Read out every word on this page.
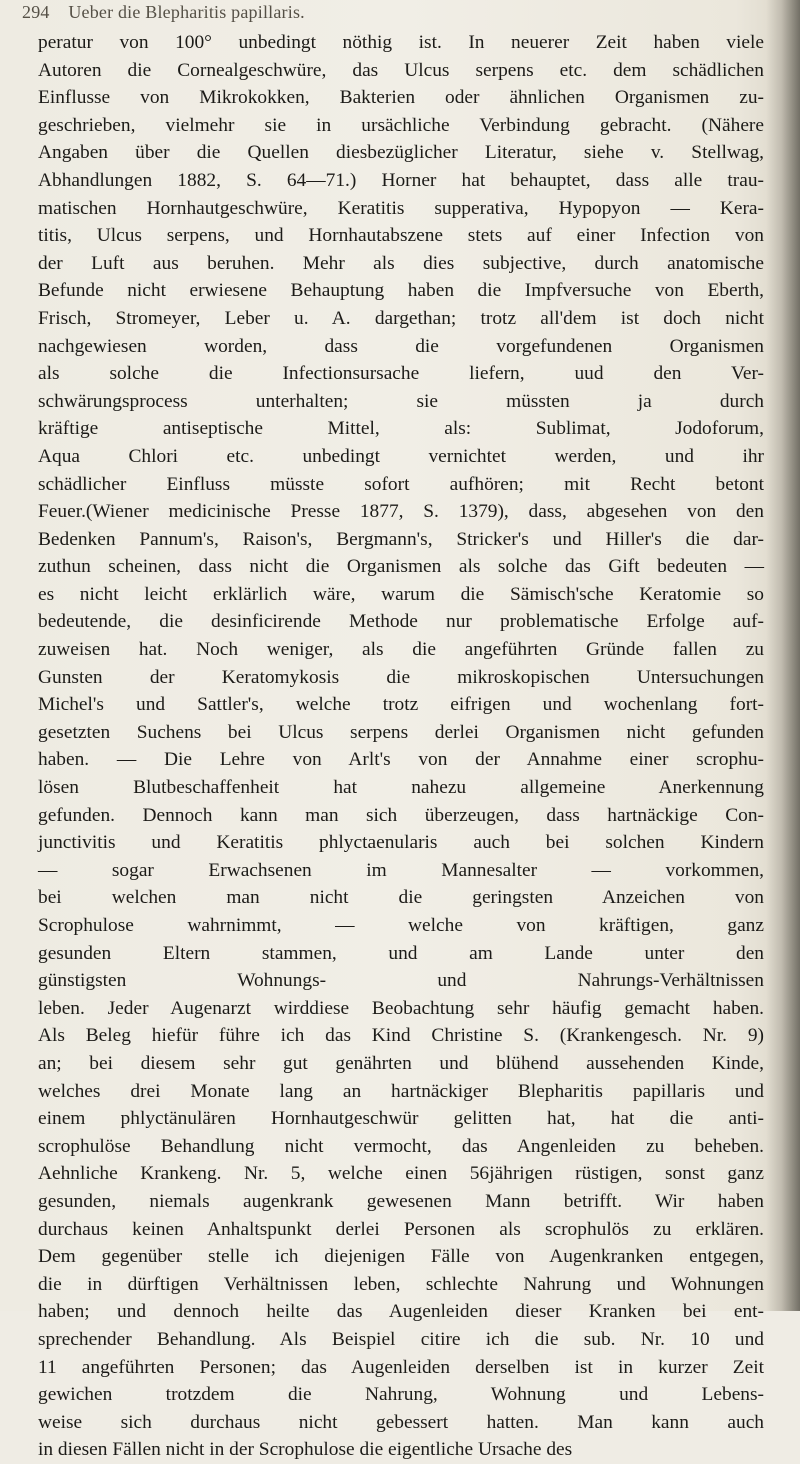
294 Ueber die Blepharitis papillaris.
peratur von 100° unbedingt nöthig ist. In neuerer Zeit haben viele
Autoren die Cornealgeschwüre, das Ulcus serpens etc. dem schädlichen
Einflusse von Mikrokokken, Bakterien oder ähnlichen Organismen zu-
geschrieben, vielmehr sie in ursächliche Verbindung gebracht. (Nähere
Angaben über die Quellen diesbezüglicher Literatur, siehe v. Stellwag,
Abhandlungen 1882, S. 64—71.) Horner hat behauptet, dass alle trau-
matischen Hornhautgeschwüre, Keratitis supperativa, Hypopyon — Kera-
titis, Ulcus serpens, und Hornhautabszene stets auf einer Infection von
der Luft aus beruhen. Mehr als dies subjective, durch anatomische
Befunde nicht erwiesene Behauptung haben die Impfversuche von Eberth,
Frisch, Stromeyer, Leber u. A. dargethan; trotz all'dem ist doch nicht
nachgewiesen worden, dass die vorgefundenen Organismen
als solche die Infectionsursache liefern, uud den Ver-
schwärungsprocess unterhalten; sie müssten ja durch
kräftige antiseptische Mittel, als: Sublimat, Jodoforum,
Aqua Chlori etc. unbedingt vernichtet werden, und ihr
schädlicher Einfluss müsste sofort aufhören; mit Recht betont
Feuer.(Wiener medicinische Presse 1877, S. 1379), dass, abgesehen von den
Bedenken Pannum's, Raison's, Bergmann's, Stricker's und Hiller's die dar-
zuthun scheinen, dass nicht die Organismen als solche das Gift bedeuten —
es nicht leicht erklärlich wäre, warum die Sämisch'sche Keratomie so
bedeutende, die desinficirende Methode nur problematische Erfolge auf-
zuweisen hat. Noch weniger, als die angeführten Gründe fallen zu
Gunsten der Keratomykosis die mikroskopischen Untersuchungen
Michel's und Sattler's, welche trotz eifrigen und wochenlang fort-
gesetzten Suchens bei Ulcus serpens derlei Organismen nicht gefunden
haben. — Die Lehre von Arlt's von der Annahme einer scrophu-
lösen Blutbeschaffenheit hat nahezu allgemeine Anerkennung
gefunden. Dennoch kann man sich überzeugen, dass hartnäckige Con-
junctivitis und Keratitis phlyctaenularis auch bei solchen Kindern
— sogar Erwachsenen im Mannesalter — vorkommen,
bei welchen man nicht die geringsten Anzeichen von
Scrophulose wahrnimmt, — welche von kräftigen, ganz
gesunden Eltern stammen, und am Lande unter den
günstigsten Wohnungs- und Nahrungs-Verhältnissen
leben. Jeder Augenarzt wirddiese Beobachtung sehr häufig gemacht haben.
Als Beleg hiefür führe ich das Kind Christine S. (Krankengesch. Nr. 9)
an; bei diesem sehr gut genährten und blühend aussehenden Kinde,
welches drei Monate lang an hartnäckiger Blepharitis papillaris und
einem phlyctänulären Hornhautgeschwür gelitten hat, hat die anti-
scrophulöse Behandlung nicht vermocht, das Angenleiden zu beheben.
Aehnliche Krankeng. Nr. 5, welche einen 56jährigen rüstigen, sonst ganz
gesunden, niemals augenkrank gewesenen Mann betrifft. Wir haben
durchaus keinen Anhaltspunkt derlei Personen als scrophulös zu erklären.
Dem gegenüber stelle ich diejenigen Fälle von Augenkranken entgegen,
die in dürftigen Verhältnissen leben, schlechte Nahrung und Wohnungen
haben; und dennoch heilte das Augenleiden dieser Kranken bei ent-
sprechender Behandlung. Als Beispiel citire ich die sub. Nr. 10 und
11 angeführten Personen; das Augenleiden derselben ist in kurzer Zeit
gewichen trotzdem die Nahrung, Wohnung und Lebens-
weise sich durchaus nicht gebessert hatten. Man kann auch
in diesen Fällen nicht in der Scrophulose die eigentliche Ursache des
